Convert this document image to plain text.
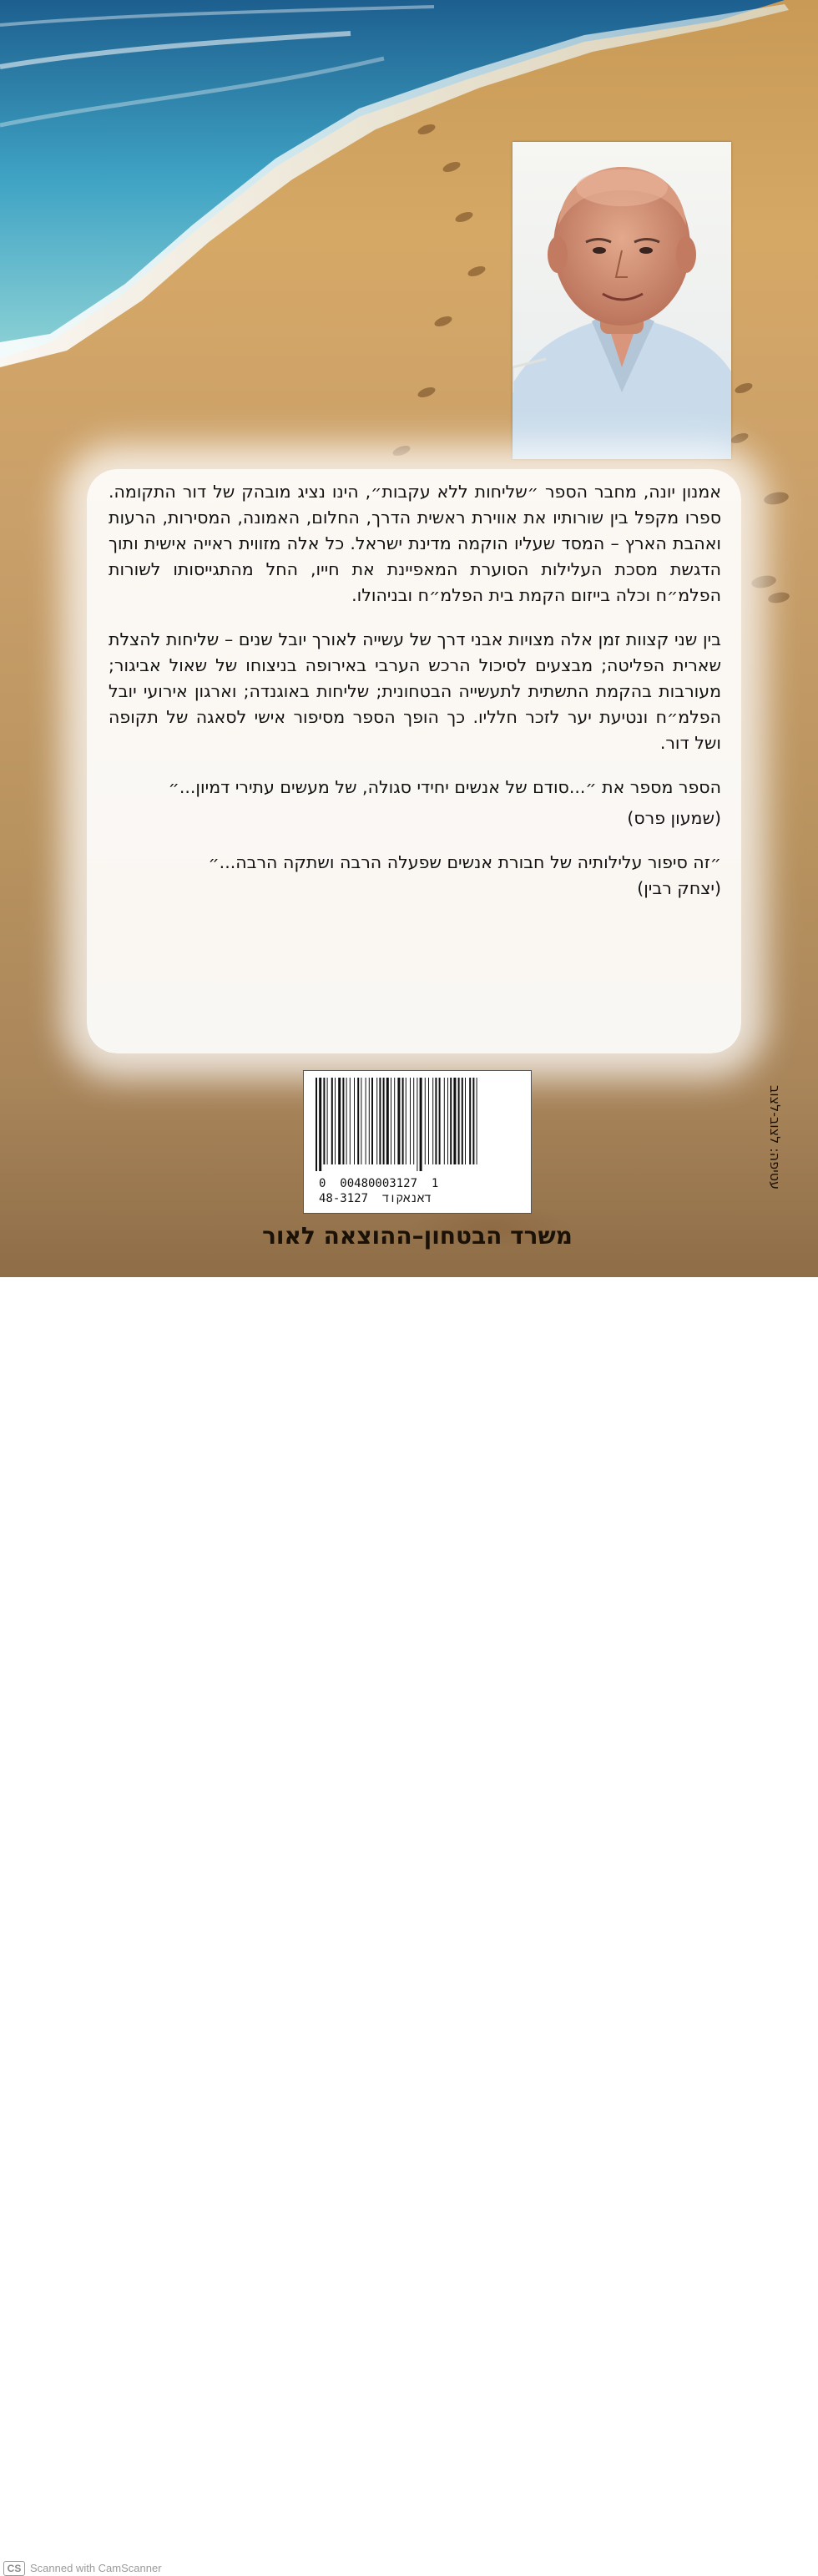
אמנון יונה, מחבר הספר ״שליחות ללא עקבות״, הינו נציג מובהק של דור התקומה. ספרו מקפל בין שורותיו את אווירת ראשית הדרך, החלום, האמונה, המסירות, הרעות ואהבת הארץ – המסד שעליו הוקמה מדינת ישראל. כל אלה מזווית ראייה אישית ותוך הדגשת מסכת העלילות הסוערת המאפיינת את חייו, החל מהתגייסותו לשורות הפלמ״ח וכלה בייזום הקמת בית הפלמ״ח ובניהולו.

בין שני קצוות זמן אלה מצויות אבני דרך של עשייה לאורך יובל שנים – שליחות להצלת שארית הפליטה; מבצעים לסיכול הרכש הערבי באירופה בניצוחו של שאול אביגור; מעורבות בהקמת התשתית לתעשייה הבטחונית; שליחות באוגנדה; וארגון אירועי יובל הפלמ״ח ונטיעת יער לזכר חלליו. כך הופך הספר מסיפור אישי לסאגה של תקופה ושל דור.

הספר מספר את ״...סודם של אנשים יחידי סגולה, של מעשים עתירי דמיון...״

(שמעון פרס)

״זה סיפור עלילותיה של חבורת אנשים שפעלה הרבה ושתקה הרבה...״

(יצחק רבין)

0  00480003127  1
48-3127  דאנאקוד
משרד הבטחון–ההוצאה לאור
עטיפה: לצוב-לצוב
CS Scanned with CamScanner
